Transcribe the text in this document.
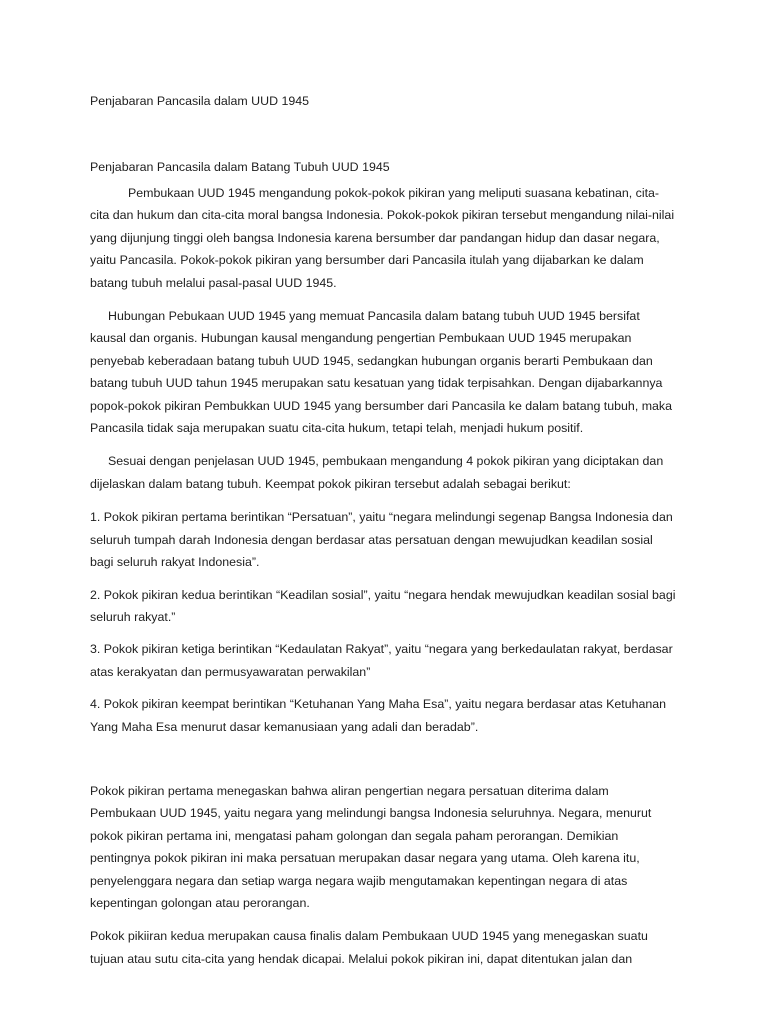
Penjabaran Pancasila dalam UUD 1945
Penjabaran Pancasila dalam Batang Tubuh UUD 1945

Pembukaan UUD 1945 mengandung pokok-pokok pikiran yang meliputi suasana kebatinan, cita-cita dan hukum dan cita-cita moral bangsa Indonesia. Pokok-pokok pikiran tersebut mengandung nilai-nilai yang dijunjung tinggi oleh bangsa Indonesia karena bersumber dar pandangan hidup dan dasar negara, yaitu Pancasila. Pokok-pokok pikiran yang bersumber dari Pancasila itulah yang dijabarkan ke dalam batang tubuh melalui pasal-pasal UUD 1945.

Hubungan Pebukaan UUD 1945 yang memuat Pancasila dalam batang tubuh UUD 1945 bersifat kausal dan organis. Hubungan kausal mengandung pengertian Pembukaan UUD 1945 merupakan penyebab keberadaan batang tubuh UUD 1945, sedangkan hubungan organis berarti Pembukaan dan batang tubuh UUD tahun 1945 merupakan satu kesatuan yang tidak terpisahkan. Dengan dijabarkannya popok-pokok pikiran Pembukkan UUD 1945 yang bersumber dari Pancasila ke dalam batang tubuh, maka Pancasila tidak saja merupakan suatu cita-cita hukum, tetapi telah, menjadi hukum positif.

Sesuai dengan penjelasan UUD 1945, pembukaan mengandung 4 pokok pikiran yang diciptakan dan dijelaskan dalam batang tubuh. Keempat pokok pikiran tersebut adalah sebagai berikut:

1. Pokok pikiran pertama berintikan “Persatuan”, yaitu “negara melindungi segenap Bangsa Indonesia dan seluruh tumpah darah Indonesia dengan berdasar atas persatuan dengan mewujudkan keadilan sosial bagi seluruh rakyat Indonesia”.

2. Pokok pikiran kedua berintikan “Keadilan sosial”, yaitu “negara hendak mewujudkan keadilan sosial bagi seluruh rakyat.”

3. Pokok pikiran ketiga berintikan “Kedaulatan Rakyat”, yaitu “negara yang berkedaulatan rakyat, berdasar atas kerakyatan dan permusyawaratan perwakilan”

4. Pokok pikiran keempat berintikan “Ketuhanan Yang Maha Esa”, yaitu negara berdasar atas Ketuhanan Yang Maha Esa menurut dasar kemanusiaan yang adali dan beradab”.

Pokok pikiran pertama menegaskan bahwa aliran pengertian negara persatuan diterima dalam Pembukaan UUD 1945, yaitu negara yang melindungi bangsa Indonesia seluruhnya. Negara, menurut pokok pikiran pertama ini, mengatasi paham golongan dan segala paham perorangan. Demikian pentingnya pokok pikiran ini maka persatuan merupakan dasar negara yang utama. Oleh karena itu, penyelenggara negara dan setiap warga negara wajib mengutamakan kepentingan negara di atas kepentingan golongan atau perorangan.

Pokok pikiiran kedua merupakan causa finalis dalam Pembukaan UUD 1945 yang menegaskan suatu tujuan atau sutu cita-cita yang hendak dicapai. Melalui pokok pikiran ini, dapat ditentukan jalan dan
